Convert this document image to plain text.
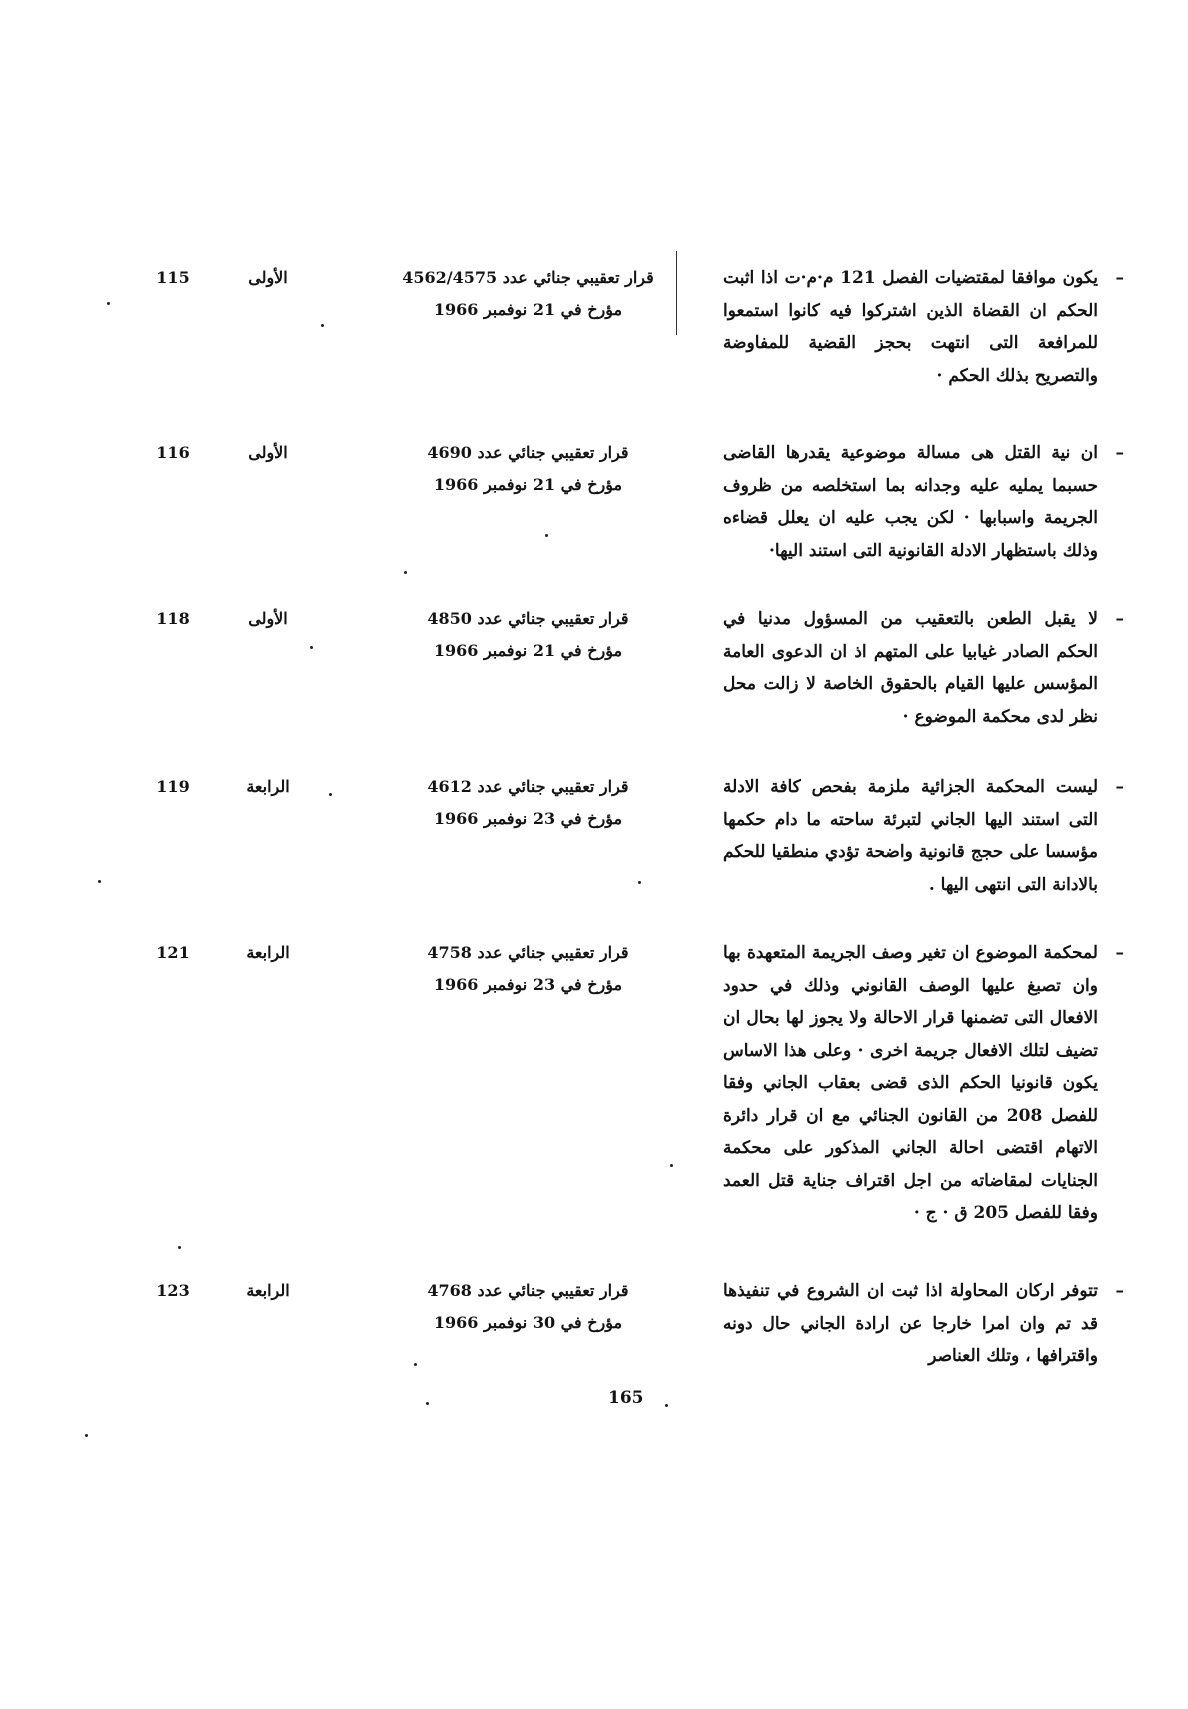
– يكون موافقا لمقتضيات الفصل 121 م·م·ت اذا اثبت الحكم ان القضاة الذين اشتركوا فيه كانوا استمعوا للمرافعة التى انتهت بحجز القضية للمفاوضة والتصريح بذلك الحكم ·

قرار تعقيبي جنائي عدد 4562/4575
مؤرخ في 21 نوفمبر 1966
الأولى
115

– ان نية القتل هى مسالة موضوعية يقدرها القاضى حسبما يمليه عليه وجدانه بما استخلصه من ظروف الجريمة واسبابها · لكن يجب عليه ان يعلل قضاءه وذلك باستظهار الادلة القانونية التى استند اليها·

قرار تعقيبي جنائي عدد 4690
مؤرخ في 21 نوفمبر 1966
الأولى
116

– لا يقبل الطعن بالتعقيب من المسؤول مدنيا في الحكم الصادر غيابيا على المتهم اذ ان الدعوى العامة المؤسس عليها القيام بالحقوق الخاصة لا زالت محل نظر لدى محكمة الموضوع ·

قرار تعقيبي جنائي عدد 4850
مؤرخ في 21 نوفمبر 1966
الأولى
118

– ليست المحكمة الجزائية ملزمة بفحص كافة الادلة التى استند اليها الجاني لتبرئة ساحته ما دام حكمها مؤسسا على حجج قانونية واضحة تؤدي منطقيا للحكم بالادانة التى انتهى اليها .

قرار تعقيبي جنائي عدد 4612
مؤرخ في 23 نوفمبر 1966
الرابعة
119

– لمحكمة الموضوع ان تغير وصف الجريمة المتعهدة بها وان تصبغ عليها الوصف القانوني وذلك في حدود الافعال التى تضمنها قرار الاحالة ولا يجوز لها بحال ان تضيف لتلك الافعال جريمة اخرى · وعلى هذا الاساس يكون قانونيا الحكم الذى قضى بعقاب الجاني وفقا للفصل 208 من القانون الجنائي مع ان قرار دائرة الاتهام اقتضى احالة الجاني المذكور على محكمة الجنايات لمقاضاته من اجل اقتراف جناية قتل العمد وفقا للفصل 205 ق · ج ·

قرار تعقيبي جنائي عدد 4758
مؤرخ في 23 نوفمبر 1966
الرابعة
121

– تتوفر اركان المحاولة اذا ثبت ان الشروع في تنفيذها قد تم وان امرا خارجا عن ارادة الجاني حال دونه واقترافها ، وتلك العناصر

قرار تعقيبي جنائي عدد 4768
مؤرخ في 30 نوفمبر 1966
الرابعة
123
165
